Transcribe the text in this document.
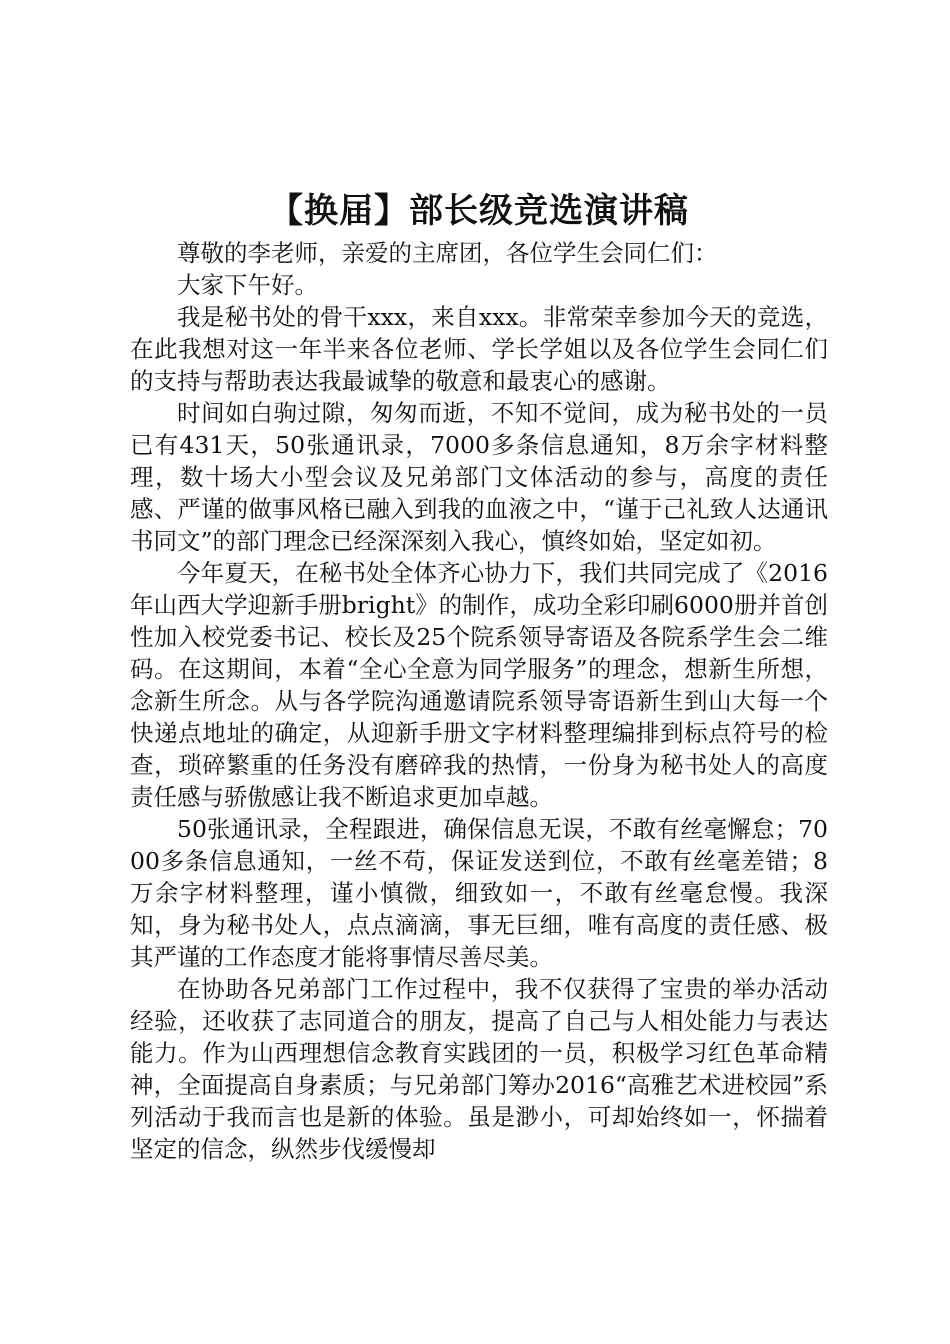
【换届】部长级竞选演讲稿

尊敬的李老师，亲爱的主席团，各位学生会同仁们：

大家下午好。

我是秘书处的骨干xxx，来自xxx。非常荣幸参加今天的竞选，在此我想对这一年半来各位老师、学长学姐以及各位学生会同仁们的支持与帮助表达我最诚挚的敬意和最衷心的感谢。

时间如白驹过隙，匆匆而逝，不知不觉间，成为秘书处的一员已有431天，50张通讯录，7000多条信息通知，8万余字材料整理，数十场大小型会议及兄弟部门文体活动的参与，高度的责任感、严谨的做事风格已融入到我的血液之中，“谨于己礼致人达通讯书同文”的部门理念已经深深刻入我心，慎终如始，坚定如初。

今年夏天，在秘书处全体齐心协力下，我们共同完成了《2016年山西大学迎新手册bright》的制作，成功全彩印刷6000册并首创性加入校党委书记、校长及25个院系领导寄语及各院系学生会二维码。在这期间，本着“全心全意为同学服务”的理念，想新生所想，念新生所念。从与各学院沟通邀请院系领导寄语新生到山大每一个快递点地址的确定，从迎新手册文字材料整理编排到标点符号的检查，琐碎繁重的任务没有磨碎我的热情，一份身为秘书处人的高度责任感与骄傲感让我不断追求更加卓越。

50张通讯录，全程跟进，确保信息无误，不敢有丝毫懈怠；7000多条信息通知，一丝不苟，保证发送到位，不敢有丝毫差错；8万余字材料整理，谨小慎微，细致如一，不敢有丝毫怠慢。我深知，身为秘书处人，点点滴滴，事无巨细，唯有高度的责任感、极其严谨的工作态度才能将事情尽善尽美。

在协助各兄弟部门工作过程中，我不仅获得了宝贵的举办活动经验，还收获了志同道合的朋友，提高了自己与人相处能力与表达能力。作为山西理想信念教育实践团的一员，积极学习红色革命精神，全面提高自身素质；与兄弟部门筹办2016“高雅艺术进校园”系列活动于我而言也是新的体验。虽是渺小，可却始终如一，怀揣着坚定的信念，纵然步伐缓慢却
